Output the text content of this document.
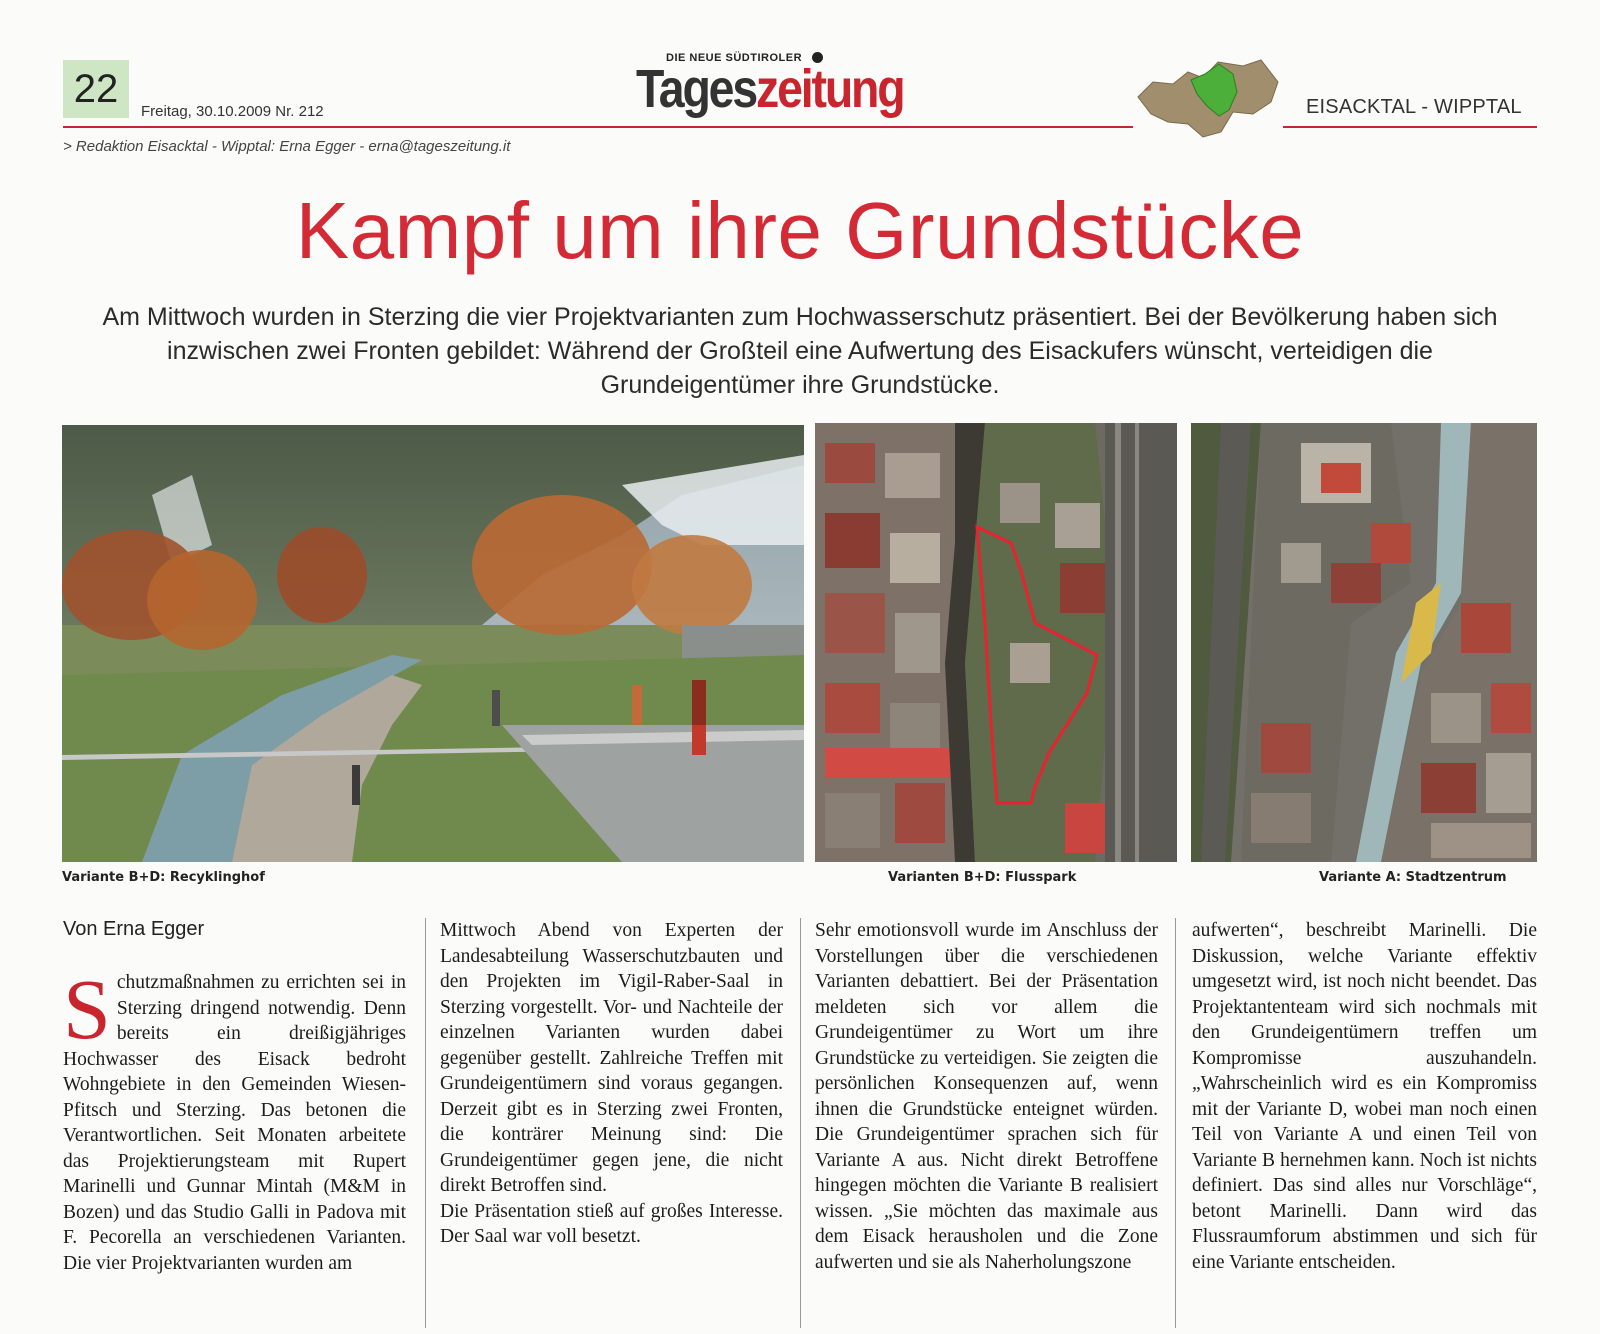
22
Freitag, 30.10.2009 Nr. 212
DIE NEUE SÜDTIROLER
Tageszeitung	EISACKTAL - WIPPTAL
> Redaktion Eisacktal - Wipptal: Erna Egger - erna@tageszeitung.it
Kampf um ihre Grundstücke
Am Mittwoch wurden in Sterzing die vier Projektvarianten zum Hochwasserschutz präsentiert. Bei der Bevölkerung haben sich inzwischen zwei Fronten gebildet: Während der Großteil eine Aufwertung des Eisackufers wünscht, verteidigen die Grundeigentümer ihre Grundstücke.
Variante B+D: Recyklinghof	Varianten B+D: Flusspark	Variante A: Stadtzentrum
Von Erna Egger

Schutzmaßnahmen zu errichten sei in Sterzing dringend notwendig. Denn bereits ein dreißigjähriges Hochwasser des Eisack bedroht Wohngebiete in den Gemeinden Wiesen-Pfitsch und Sterzing. Das betonen die Verantwortlichen. Seit Monaten arbeitete das Projektierungsteam mit Rupert Marinelli und Gunnar Mintah (M&M in Bozen) und das Studio Galli in Padova mit F. Pecorella an verschiedenen Varianten. Die vier Projektvarianten wurden am

Mittwoch Abend von Experten der Landesabteilung Wasserschutzbauten und den Projekten im Vigil-Raber-Saal in Sterzing vorgestellt. Vor- und Nachteile der einzelnen Varianten wurden dabei gegenüber gestellt. Zahlreiche Treffen mit Grundeigentümern sind voraus gegangen. Derzeit gibt es in Sterzing zwei Fronten, die konträrer Meinung sind: Die Grundeigentümer gegen jene, die nicht direkt Betroffen sind.

Die Präsentation stieß auf großes Interesse. Der Saal war voll besetzt.

Sehr emotionsvoll wurde im Anschluss der Vorstellungen über die verschiedenen Varianten debattiert. Bei der Präsentation meldeten sich vor allem die Grundeigentümer zu Wort um ihre Grundstücke zu verteidigen. Sie zeigten die persönlichen Konsequenzen auf, wenn ihnen die Grundstücke enteignet würden. Die Grundeigentümer sprachen sich für Variante A aus. Nicht direkt Betroffene hingegen möchten die Variante B realisiert wissen. „Sie möchten das maximale aus dem Eisack herausholen und die Zone aufwerten und sie als Naherholungszone

aufwerten“, beschreibt Marinelli. Die Diskussion, welche Variante effektiv umgesetzt wird, ist noch nicht beendet. Das Projektantenteam wird sich nochmals mit den Grundeigentümern treffen um Kompromisse auszuhandeln. „Wahrscheinlich wird es ein Kompromiss mit der Variante D, wobei man noch einen Teil von Variante A und einen Teil von Variante B hernehmen kann. Noch ist nichts definiert. Das sind alles nur Vorschläge“, betont Marinelli. Dann wird das Flussraumforum abstimmen und sich für eine Variante entscheiden.
